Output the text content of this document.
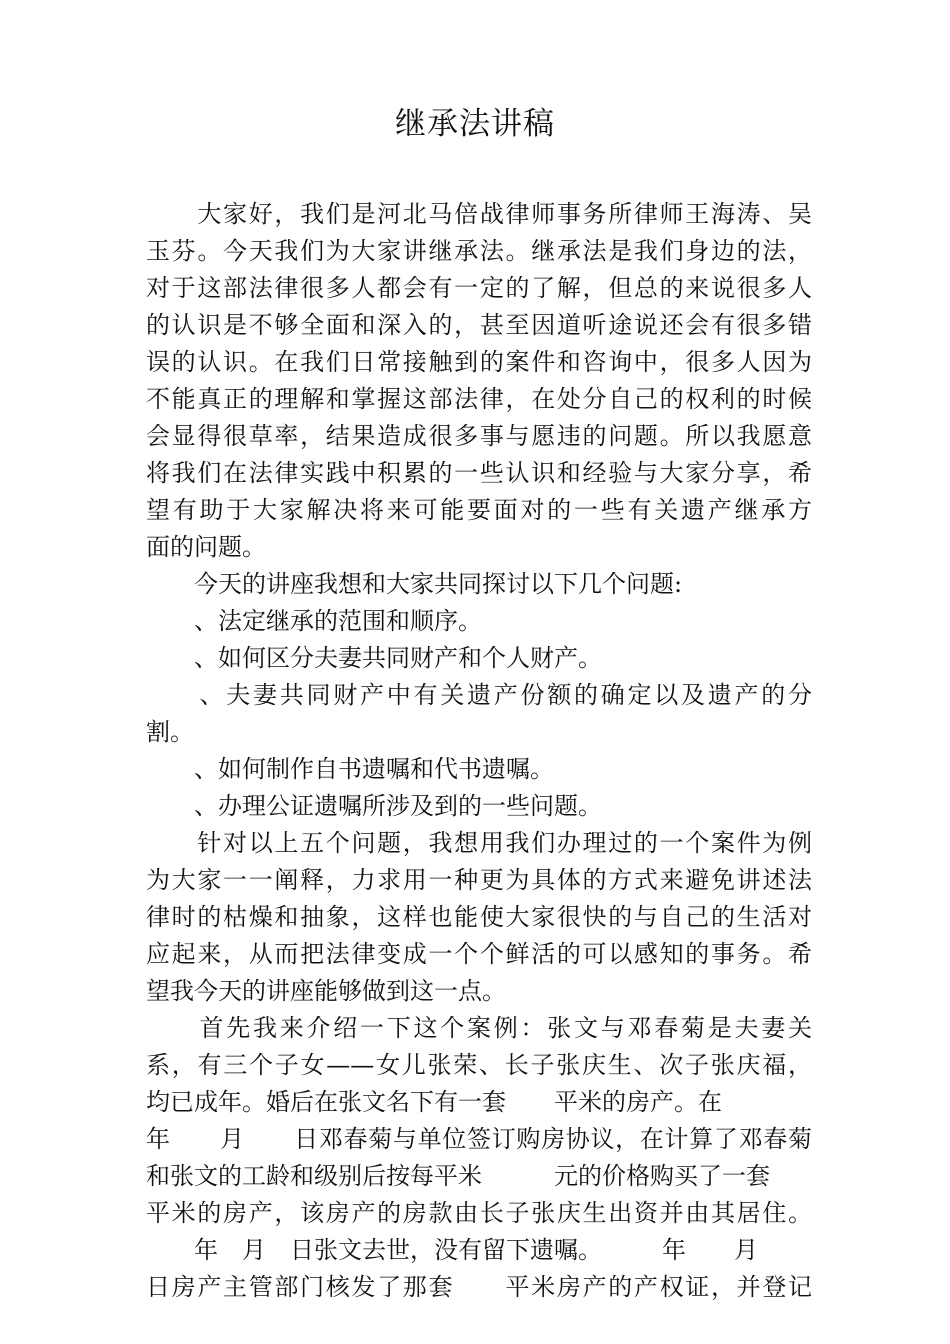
继承法讲稿
　　大家好，我们是河北马倍战律师事务所律师王海涛、吴
玉芬。今天我们为大家讲继承法。继承法是我们身边的法，
对于这部法律很多人都会有一定的了解，但总的来说很多人
的认识是不够全面和深入的，甚至因道听途说还会有很多错
误的认识。在我们日常接触到的案件和咨询中，很多人因为
不能真正的理解和掌握这部法律，在处分自己的权利的时候
会显得很草率，结果造成很多事与愿违的问题。所以我愿意
将我们在法律实践中积累的一些认识和经验与大家分享，希
望有助于大家解决将来可能要面对的一些有关遗产继承方
面的问题。
　　今天的讲座我想和大家共同探讨以下几个问题:
　　、法定继承的范围和顺序。
　　、如何区分夫妻共同财产和个人财产。
　　、夫妻共同财产中有关遗产份额的确定以及遗产的分
割。
　　、如何制作自书遗嘱和代书遗嘱。
　　、办理公证遗嘱所涉及到的一些问题。
　　针对以上五个问题，我想用我们办理过的一个案件为例
为大家一一阐释，力求用一种更为具体的方式来避免讲述法
律时的枯燥和抽象，这样也能使大家很快的与自己的生活对
应起来，从而把法律变成一个个鲜活的可以感知的事务。希
望我今天的讲座能够做到这一点。
　　首先我来介绍一下这个案例：张文与邓春菊是夫妻关
系，有三个子女——女儿张荣、长子张庆生、次子张庆福，
均已成年。婚后在张文名下有一套　　平米的房产。在
年　　月　　日邓春菊与单位签订购房协议，在计算了邓春菊
和张文的工龄和级别后按每平米　　　元的价格购买了一套
平米的房产，该房产的房款由长子张庆生出资并由其居住。
　　年　月　日张文去世，没有留下遗嘱。　　　年　　月
日房产主管部门核发了那套　　平米房产的产权证，并登记
